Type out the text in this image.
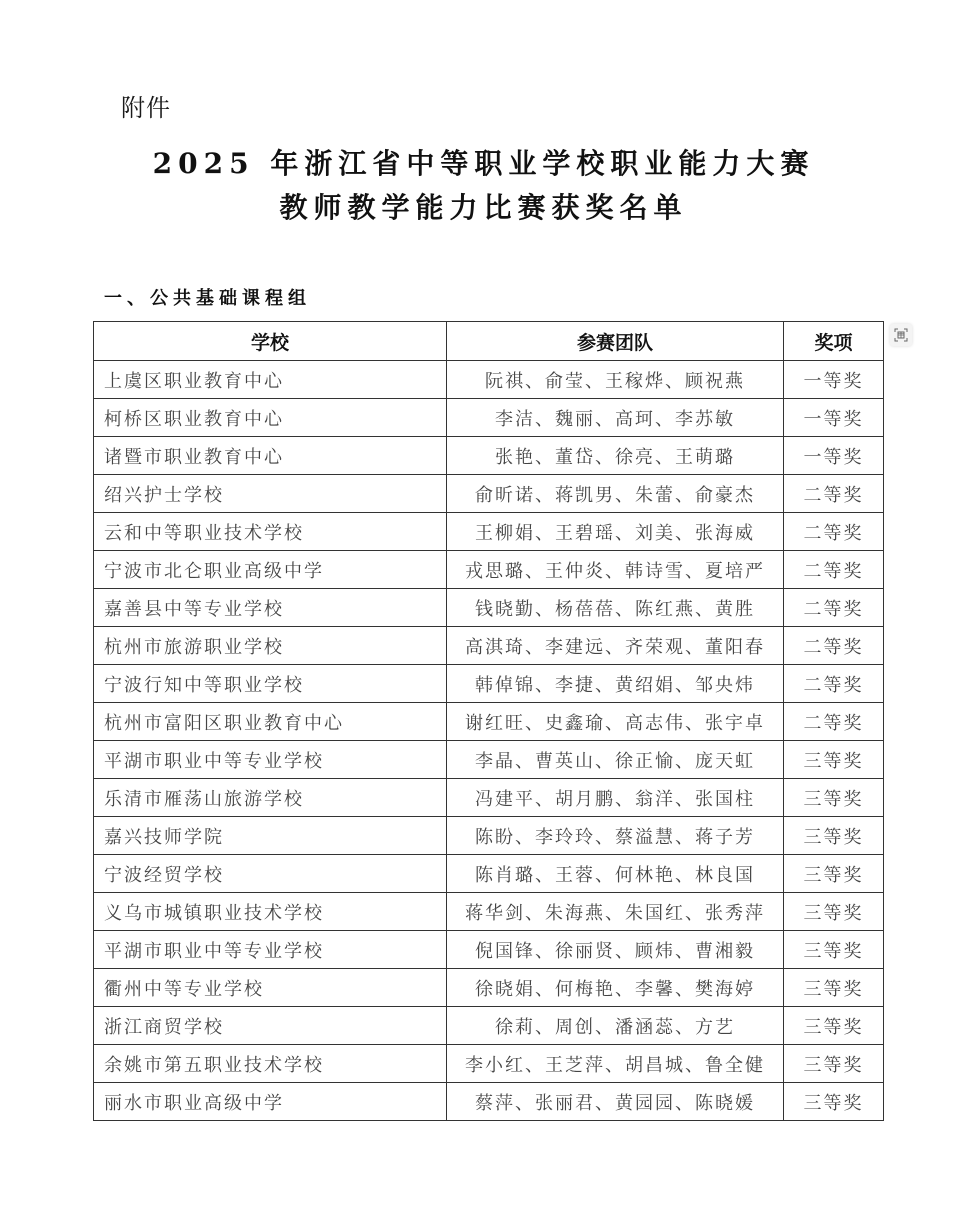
附件
2025 年浙江省中等职业学校职业能力大赛
教师教学能力比赛获奖名单
一、公共基础课程组
学校	参赛团队	奖项
上虞区职业教育中心	阮祺、俞莹、王稼烨、顾祝燕	一等奖
柯桥区职业教育中心	李洁、魏丽、高珂、李苏敏	一等奖
诸暨市职业教育中心	张艳、董岱、徐亮、王萌璐	一等奖
绍兴护士学校	俞昕诺、蒋凯男、朱蕾、俞豪杰	二等奖
云和中等职业技术学校	王柳娟、王碧瑶、刘美、张海威	二等奖
宁波市北仑职业高级中学	戎思璐、王仲炎、韩诗雪、夏培严	二等奖
嘉善县中等专业学校	钱晓勤、杨蓓蓓、陈红燕、黄胜	二等奖
杭州市旅游职业学校	高淇琦、李建远、齐荣观、董阳春	二等奖
宁波行知中等职业学校	韩倬锦、李捷、黄绍娟、邹央炜	二等奖
杭州市富阳区职业教育中心	谢红旺、史鑫瑜、高志伟、张宇卓	二等奖
平湖市职业中等专业学校	李晶、曹英山、徐正愉、庞天虹	三等奖
乐清市雁荡山旅游学校	冯建平、胡月鹏、翁洋、张国柱	三等奖
嘉兴技师学院	陈盼、李玲玲、蔡溢慧、蒋子芳	三等奖
宁波经贸学校	陈肖璐、王蓉、何林艳、林良国	三等奖
义乌市城镇职业技术学校	蒋华剑、朱海燕、朱国红、张秀萍	三等奖
平湖市职业中等专业学校	倪国锋、徐丽贤、顾炜、曹湘毅	三等奖
衢州中等专业学校	徐晓娟、何梅艳、李馨、樊海婷	三等奖
浙江商贸学校	徐莉、周创、潘涵蕊、方艺	三等奖
余姚市第五职业技术学校	李小红、王芝萍、胡昌城、鲁全健	三等奖
丽水市职业高级中学	蔡萍、张丽君、黄园园、陈晓媛	三等奖
